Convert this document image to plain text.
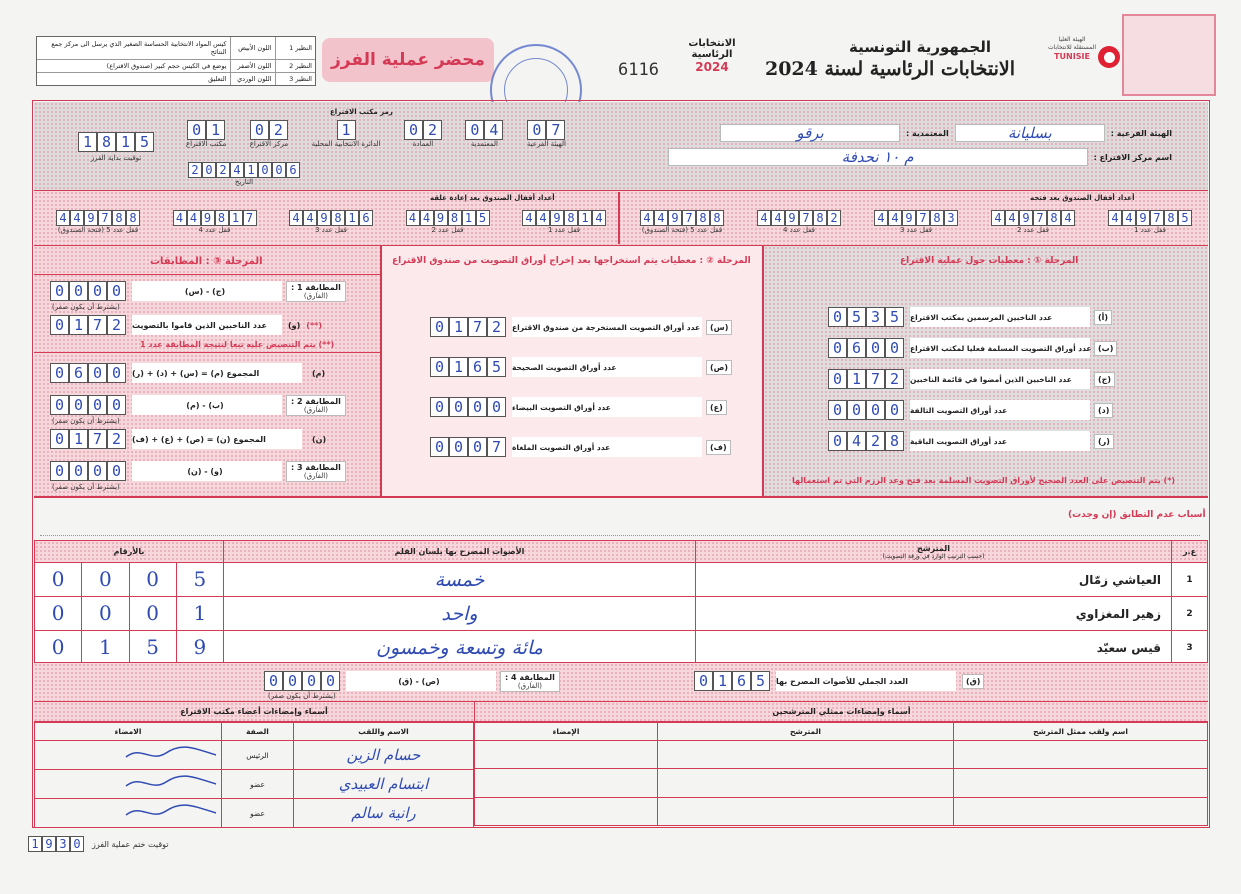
النظير 1	اللون الأبيض	كيس المواد الانتخابية الحساسة الصغير الذي يرسل الى مركز جمع النتائج
النظير 2	اللون الأصفر	يوضع في الكيس حجم كبير (صندوق الاقتراع)
النظير 3	اللون الوردي	التعليق
محضر عملية الفرز	6116
الانتخابات
الرئاسية
2024
الجمهورية التونسية
الانتخابات الرئاسية لسنة 2024
الهيئة العليا المستقلة للانتخابات
TUNISIE
1 8 1 5
توقيت بداية الفرز
رمز مكتب الاقتراع
0 1
مكتب الاقتراع
0 2
مركز الاقتراع
1
الدائرة الانتخابية المحلية
0 2
العمادة
0 4
المعتمدية
0 7
الهيئة الفرعية
2 0 2 4 1 0 0 6
التاريخ
الهيئة الفرعية :
بسليانة
المعتمدية :
برقو
اسم مركز الاقتراع :
م ١٠ نحدفة
أعداد أقفال الصندوق بعد إعادة غلقه	أعداد أقفال الصندوق بعد فتحه
4 4 9 7 8 8
قفل عدد 5 (فتحة الصندوق)
4 4 9 8 1 7
قفل عدد 4
4 4 9 8 1 6
قفل عدد 3
4 4 9 8 1 5
قفل عدد 2
4 4 9 8 1 4
قفل عدد 1
4 4 9 7 8 8
قفل عدد 5 (فتحة الصندوق)
4 4 9 7 8 2
قفل عدد 4
4 4 9 7 8 3
قفل عدد 3
4 4 9 7 8 4
قفل عدد 2
4 4 9 7 8 5
قفل عدد 1
المرحلة ③ : المطابقات
0 0 0 0	(ج) - (س)	المطابقة 1 :
(الفارق)
(يشترط أن يكون صفر)
0 1 7 2	عدد الناخبين الذين قاموا بالتصويت	(و) (**)
(**) يتم التنصيص عليه تبعا لنتيجة المطابقة عدد 1
0 6 0 0	المجموع (م) = (س) + (د) + (ر)	(م)
0 0 0 0	(ب) - (م)	المطابقة 2 :
(الفارق)
(يشترط أن يكون صفر)
0 1 7 2	المجموع (ن) = (ص) + (ع) + (ف)	(ن)
0 0 0 0	(و) - (ن)	المطابقة 3 :
(الفارق)
(يشترط أن يكون صفر)
المرحلة ② : معطيات يتم استخراجها بعد إخراج أوراق التصويت من صندوق الاقتراع
0 1 7 2	عدد أوراق التصويت المستخرجة من صندوق الاقتراع	(س)
0 1 6 5	عدد أوراق التصويت الصحيحة	(ص)
0 0 0 0	عدد أوراق التصويت البيضاء	(ع)
0 0 0 7	عدد أوراق التصويت الملغاة	(ف)
المرحلة ① : معطيات حول عملية الاقتراع
0 5 3 5	عدد الناخبين المرسمين بمكتب الاقتراع	(أ)
0 6 0 0	عدد أوراق التصويت المسلمة فعليا لمكتب الاقتراع (ب)
0 1 7 2	عدد الناخبين الذين أمضوا في قائمة الناخبين	(ج)
0 0 0 0	عدد أوراق التصويت التالفة	(د)
0 4 2 8	عدد أوراق التصويت الباقية	(ر)
(*) يتم التنصيص على العدد الصحيح لأوراق التصويت المسلمة بعد فتح وعد الرزم التي تم استعمالها
أسباب عدم التطابق (إن وجدت)
ع.ر	المترشح
(حسب الترتيب الوارد في ورقة التصويت)	الأصوات المصرح بها بلسان القلم	بالأرقام
1	العياشي زمّال	خمسة	0 0 0 5

2	زهير المغزاوي	واحد	0 0 0 1

3	قيس سعيّد	مائة وتسعة وخمسون	0 1 5 9
0 1 6 5	العدد الجملي للأصوات المصرح بها	(ق)
0 0 0 0	(ص) - (ق)	المطابقة 4 :
(الفارق)
(يشترط أن يكون صفر)
أسماء وإمضاءات أعضاء مكتب الاقتراع	أسماء وإمضاءات ممثلي المترشحين
الاسم واللقب	الصفة	الامضاء
حسام الزين	الرئيس	
ابتسام العبيدي	عضو	
رانية سالم	عضو	
اسم ولقب ممثل المترشح	المترشح	الإمضاء

1 9 3 0	توقيت ختم عملية الفرز
